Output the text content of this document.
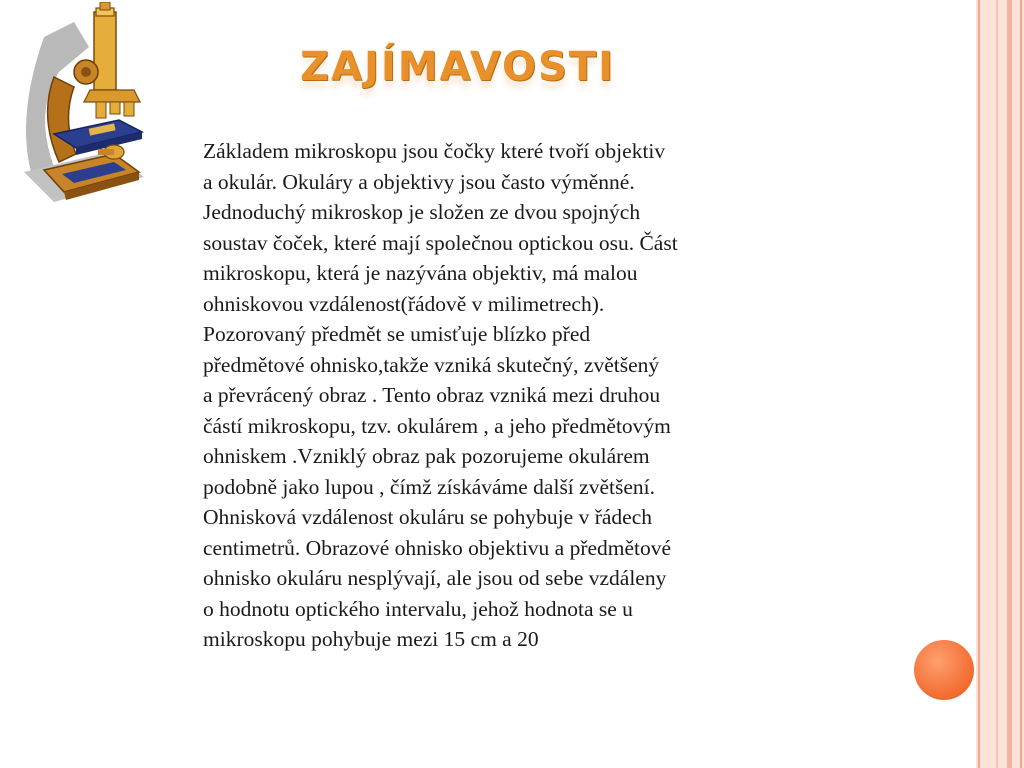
ZAJÍMAVOSTI
Základem mikroskopu jsou čočky které tvoří objektiv
a okulár. Okuláry a objektivy jsou často výměnné.
Jednoduchý mikroskop je složen ze dvou spojných
soustav čoček, které mají společnou optickou osu. Část
mikroskopu, která je nazývána objektiv, má malou
ohniskovou vzdálenost(řádově v milimetrech).
Pozorovaný předmět se umisťuje blízko před
předmětové ohnisko,takže vzniká skutečný, zvětšený
a převrácený obraz . Tento obraz vzniká mezi druhou
částí mikroskopu, tzv. okulárem , a jeho předmětovým
ohniskem .Vzniklý obraz pak pozorujeme okulárem
podobně jako lupou , čímž získáváme další zvětšení.
Ohnisková vzdálenost okuláru se pohybuje v řádech
centimetrů. Obrazové ohnisko objektivu a předmětové
ohnisko okuláru nesplývají, ale jsou od sebe vzdáleny
o hodnotu optického intervalu, jehož hodnota se u
mikroskopu pohybuje mezi 15 cm a 20
